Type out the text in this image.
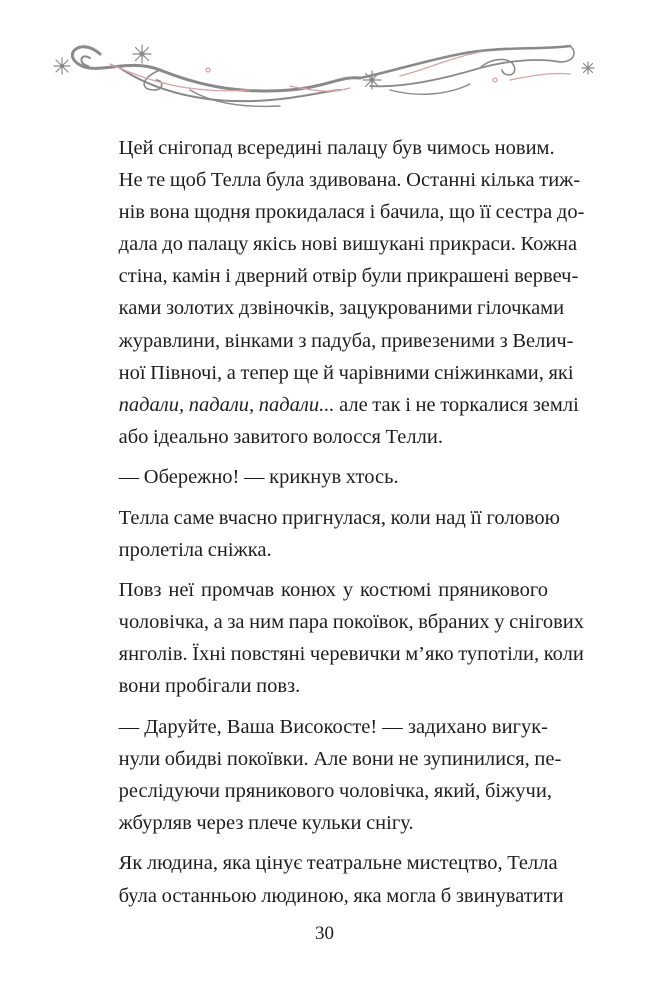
Цей снігопад всередині палацу був чимось новим.
Не те щоб Телла була здивована. Останні кілька тиж-
нів вона щодня прокидалася і бачила, що її сестра до-
дала до палацу якісь нові вишукані прикраси. Кожна
стіна, камін і дверний отвір були прикрашені вервеч-
ками золотих дзвіночків, зацукрованими гілочками
журавлини, вінками з падуба, привезеними з Велич-
ної Півночі, а тепер ще й чарівними сніжинками, які
падали, падали, падали... але так і не торкалися землі
або ідеально завитого волосся Телли.
— Обережно! — крикнув хтось.
Телла саме вчасно пригнулася, коли над її головою
пролетіла сніжка.
Повз неї промчав конюх у костюмі пряникового
чоловічка, а за ним пара покоївок, вбраних у снігових
янголів. Їхні повстяні черевички м’яко тупотіли, коли
вони пробігали повз.
— Даруйте, Ваша Високосте! — задихано вигук-
нули обидві покоївки. Але вони не зупинилися, пе-
реслідуючи пряникового чоловічка, який, біжучи,
жбурляв через плече кульки снігу.
Як людина, яка цінує театральне мистецтво, Телла
була останньою людиною, яка могла б звинуватити
30
